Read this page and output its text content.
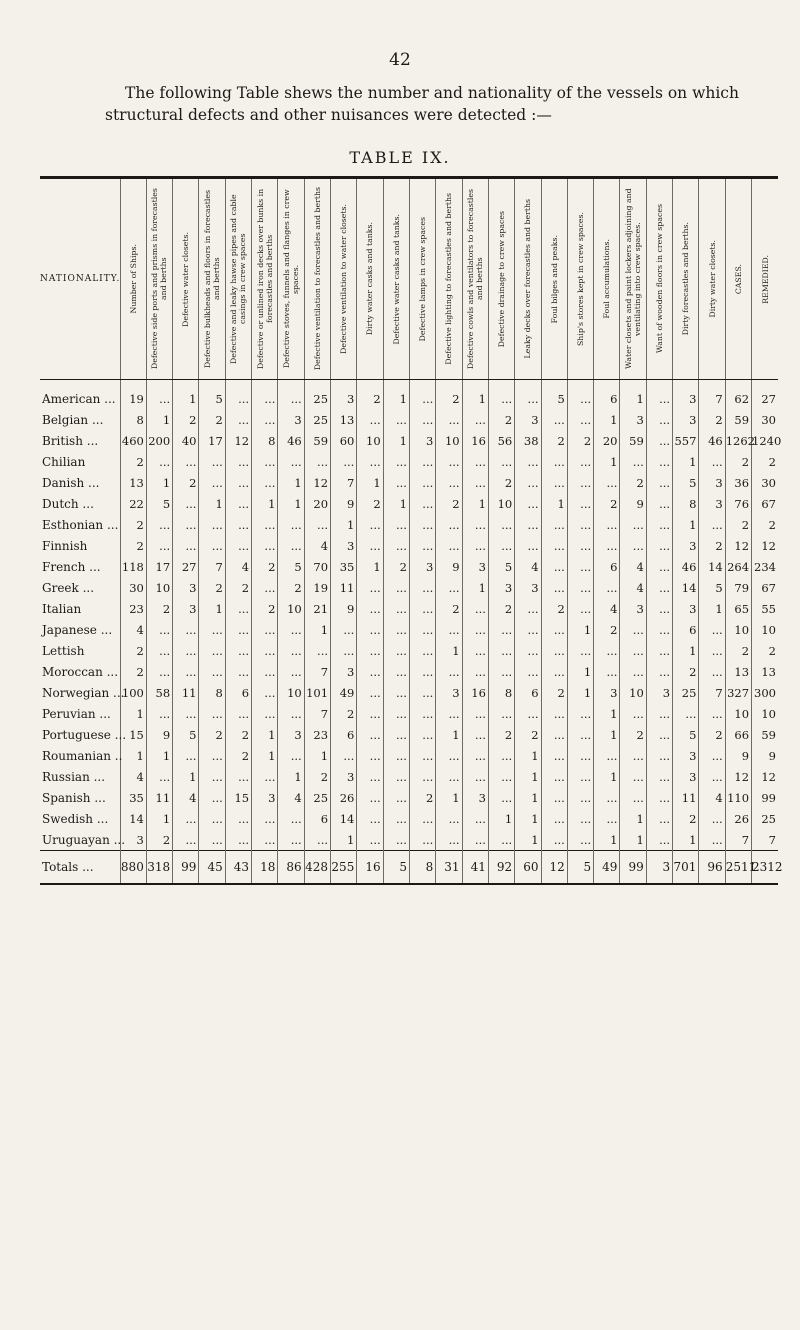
42
The following Table shews the number and nationality of the vessels on which structural defects and other nuisances were detected :—
TABLE IX.
NATIONALITY.	Number of Ships.	Defective side ports and prisms in forecastles and berths	Defective water closets.	Defective bulkheads and floors in forecastles and berths	Defective and leaky hawse pipes and cable casings in crew spaces	Defective or unlined iron decks over bunks in forecastles and berths	Defective stoves, funnels and flanges in crew spaces.	Defective ventilation to forecastles and berths	Defective ventilation to water closets.	Dirty water casks and tanks.	Defective water casks and tanks.	Defective lamps in crew spaces	Defective lighting to forecastles and berths	Defective cowls and ventilators to forecastles and berths	Defective drainage to crew spaces	Leaky decks over forecastles and berths	Foul bilges and peaks.	Ship's stores kept in crew spaces.	Foul accumulations.	Water closets and paint lockers adjoining and ventilating into crew spaces.	Want of wooden floors in crew spaces	Dirty forecastles and berths.	Dirty water closets.	CASES.	REMEDIED.

American ...	19	...	1	5	...	...	...	25	3	2	1	...	2	1	...	...	5	...	6	1	...	3	7	62	27
Belgian ...	8	1	2	2	...	...	3	25	13	...	...	...	...	...	2	3	...	...	1	3	...	3	2	59	30
British ...	460	200	40	17	12	8	46	59	60	10	1	3	10	16	56	38	2	2	20	59	...	557	46	1262	1240
Chilian	2	...	...	...	...	...	...	...	...	...	...	...	...	...	...	...	...	...	1	...	...	1	...	2	2
Danish ...	13	1	2	...	...	...	1	12	7	1	...	...	...	...	2	...	...	...	...	2	...	5	3	36	30
Dutch ...	22	5	...	1	...	1	1	20	9	2	1	...	2	1	10	...	1	...	2	9	...	8	3	76	67
Esthonian ...	2	...	...	...	...	...	...	...	1	...	...	...	...	...	...	...	...	...	...	...	...	1	...	2	2
Finnish	2	...	...	...	...	...	...	4	3	...	...	...	...	...	...	...	...	...	...	...	...	3	2	12	12
French ...	118	17	27	7	4	2	5	70	35	1	2	3	9	3	5	4	...	...	6	4	...	46	14	264	234
Greek ...	30	10	3	2	2	...	2	19	11	...	...	...	...	1	3	3	...	...	...	4	...	14	5	79	67
Italian	23	2	3	1	...	2	10	21	9	...	...	...	2	...	2	...	2	...	4	3	...	3	1	65	55
Japanese ...	4	...	...	...	...	...	...	1	...	...	...	...	...	...	...	...	...	1	2	...	...	6	...	10	10
Lettish	2	...	...	...	...	...	...	...	...	...	...	...	1	...	...	...	...	...	...	...	...	1	...	2	2
Moroccan ...	2	...	...	...	...	...	...	7	3	...	...	...	...	...	...	...	...	1	...	...	...	2	...	13	13
Norwegian ...	100	58	11	8	6	...	10	101	49	...	...	...	3	16	8	6	2	1	3	10	3	25	7	327	300
Peruvian ...	1	...	...	...	...	...	...	7	2	...	...	...	...	...	...	...	...	...	1	...	...	...	...	10	10
Portuguese ...	15	9	5	2	2	1	3	23	6	...	...	...	1	...	2	2	...	...	1	2	...	5	2	66	59
Roumanian ..	1	1	...	...	2	1	...	1	...	...	...	...	...	...	...	1	...	...	...	...	...	3	...	9	9
Russian ...	4	...	1	...	...	...	1	2	3	...	...	...	...	...	...	1	...	...	1	...	...	3	...	12	12
Spanish ...	35	11	4	...	15	3	4	25	26	...	...	2	1	3	...	1	...	...	...	...	...	11	4	110	99
Swedish ...	14	1	...	...	...	...	...	6	14	...	...	...	...	...	1	1	...	...	...	1	...	2	...	26	25
Uruguayan ...	3	2	...	...	...	...	...	...	1	...	...	...	...	...	...	1	...	...	1	1	...	1	...	7	7
Totals ...	880	318	99	45	43	18	86	428	255	16	5	8	31	41	92	60	12	5	49	99	3	701	96	2511	2312
